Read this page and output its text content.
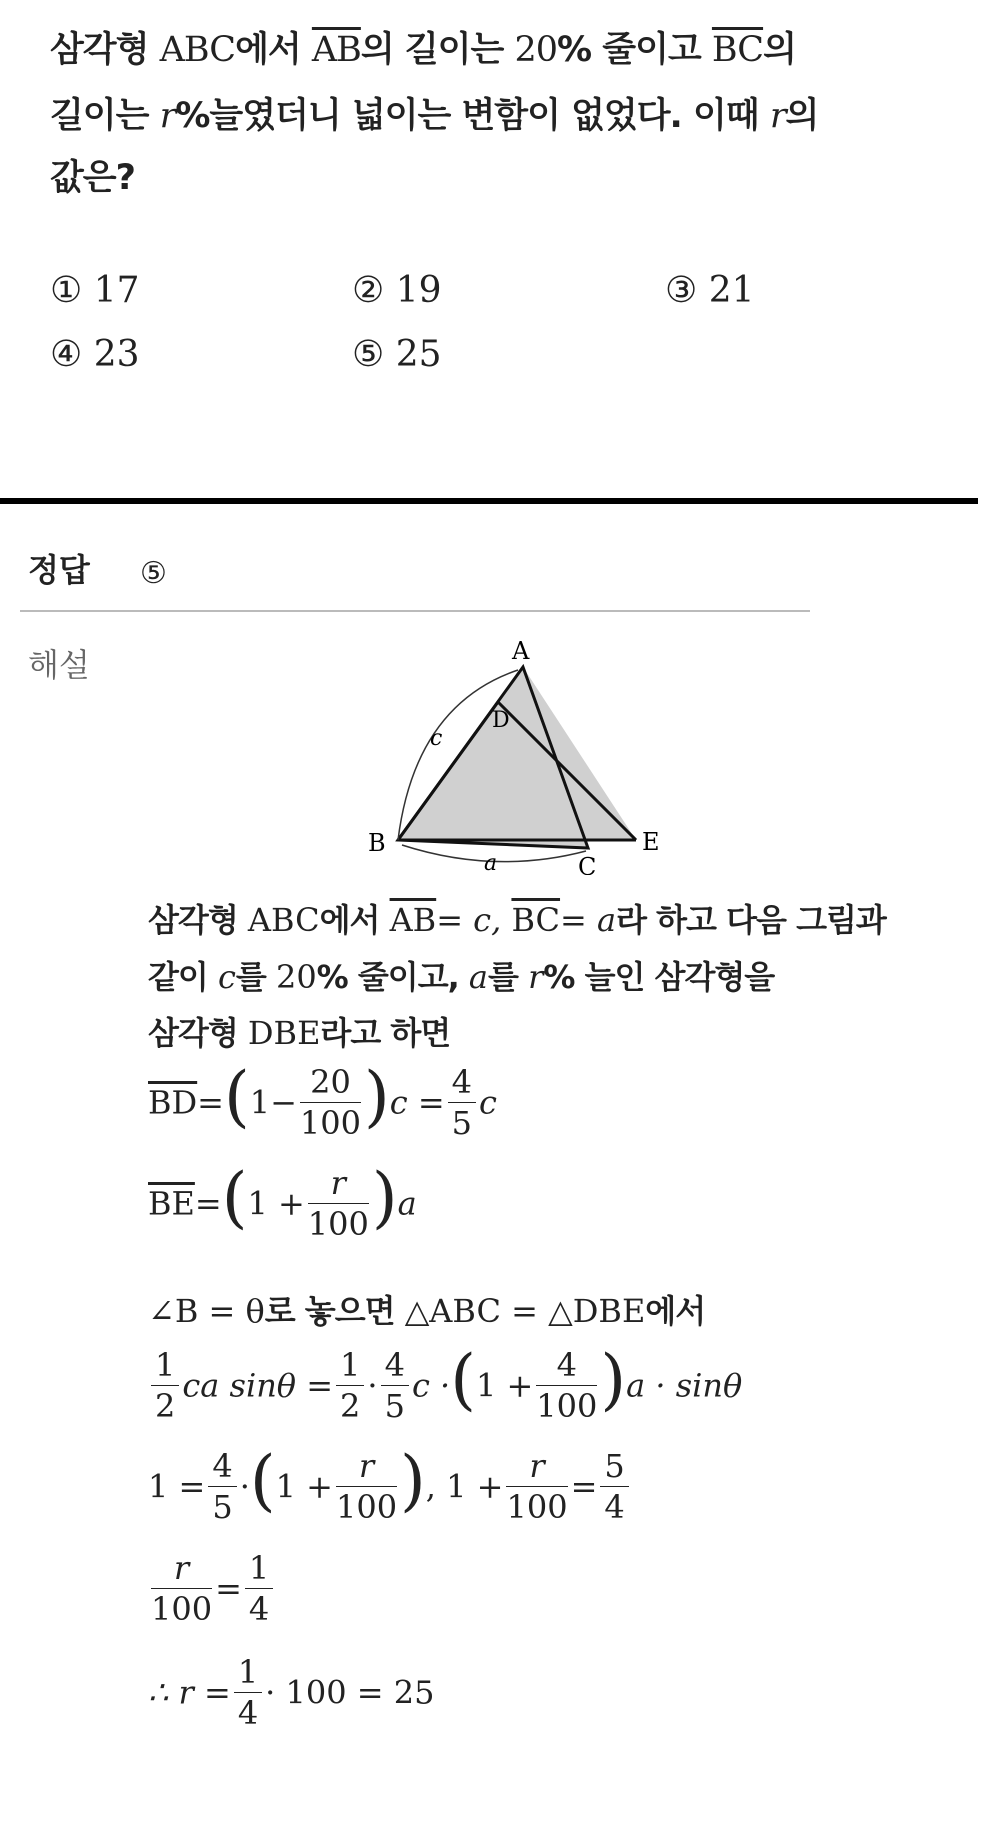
삼각형 ABC에서 $\overline{AB}$의 길이는 20% 줄이고 $\overline{BC}$의
길이는 r%늘였더니 넓이는 변함이 없었다. 이때 r의
값은?
① 17	② 19	③ 21
④ 23	⑤ 25
정답 ⑤
해설	A
D
B
C
E
c
a
삼각형 ABC에서 $\overline{AB}= c$, $\overline{BC}= a$라 하고 다음 그림과
같이 c를 20% 줄이고, a를 r% 늘인 삼각형을
삼각형 DBE라고 하면
$\overline{BD}=(1- \frac{20}{100} )c = \frac{4}{5}$ c
$\overline{BE}=(1 + \frac{r}{100} )a$
∠B = θ로 놓으면 △ABC = △DBE에서
$\frac{1}{2}$ ca $\sin\theta = \frac{1}{2} \cdot \frac{4}{5}$ $c \cdot(1 + \frac{4}{100} )a \cdot \sin\theta$
$1 = \frac{4}{5} \cdot(1 + \frac{r}{100}$ ), $1 + \frac{r}{100} = \frac{5}{4}$
$\frac{r}{100} = \frac{1}{4}$
∴ $r = \frac{1}{4} \cdot 100 = 25$
